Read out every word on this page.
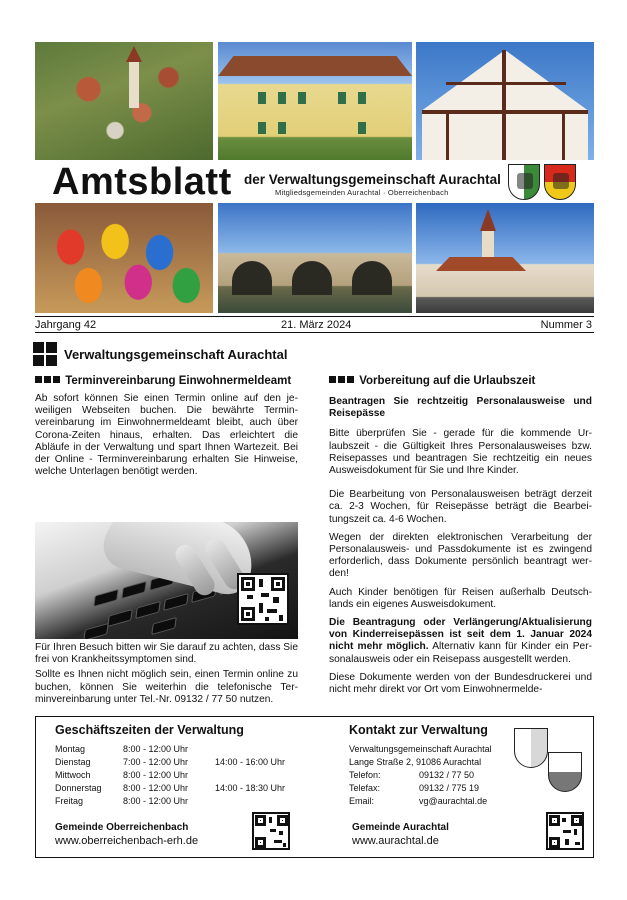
Amtsblatt der Verwaltungsgemeinschaft Aurachtal
Mitgliedsgemeinden Aurachtal · Oberreichenbach
Jahrgang 42	21. März 2024	Nummer 3
Verwaltungsgemeinschaft Aurachtal
Terminvereinbarung Einwohnermeldeamt

Ab sofort können Sie einen Termin online auf den jeweiligen Webseiten buchen. Die bewährte Terminvereinbarung im Einwohnermeldeamt bleibt, auch über Corona-Zeiten hinaus, erhalten. Das erleichtert die Abläufe in der Verwaltung und spart Ihnen Wartezeit. Bei der Online - Terminvereinbarung erhalten Sie Hinweise, welche Unterlagen benötigt werden.

Für Ihren Besuch bitten wir Sie darauf zu achten, dass Sie frei von Krankheitssymptomen sind.

Sollte es Ihnen nicht möglich sein, einen Termin online zu buchen, können Sie weiterhin die telefonische Terminvereinbarung unter Tel.-Nr. 09132 / 77 50 nutzen.

Vorbereitung auf die Urlaubszeit

Beantragen Sie rechtzeitig Personalausweise und Reisepässe

Bitte überprüfen Sie - gerade für die kommende Urlaubszeit - die Gültigkeit Ihres Personalausweises bzw. Reisepasses und beantragen Sie rechtzeitig ein neues Ausweisdokument für Sie und Ihre Kinder.

Die Bearbeitung von Personalausweisen beträgt derzeit ca. 2-3 Wochen, für Reisepässe beträgt die Bearbeitungszeit ca. 4-6 Wochen.

Wegen der direkten elektronischen Verarbeitung der Personalausweis- und Passdokumente ist es zwingend erforderlich, dass Dokumente persönlich beantragt werden!

Auch Kinder benötigen für Reisen außerhalb Deutschlands ein eigenes Ausweisdokument.

Die Beantragung oder Verlängerung/Aktualisierung von Kinderreisepässen ist seit dem 1. Januar 2024 nicht mehr möglich. Alternativ kann für Kinder ein Personalausweis oder ein Reisepass ausgestellt werden.

Diese Dokumente werden von der Bundesdruckerei und nicht mehr direkt vor Ort vom Einwohnermelde-

Geschäftszeiten der Verwaltung
Montag	8:00 - 12:00 Uhr
Dienstag	7:00 - 12:00 Uhr	14:00 - 16:00 Uhr
Mittwoch	8:00 - 12:00 Uhr
Donnerstag 8:00 - 12:00 Uhr	14:00 - 18:30 Uhr
Freitag	8:00 - 12:00 Uhr
Kontakt zur Verwaltung
Verwaltungsgemeinschaft Aurachtal
Lange Straße 2, 91086 Aurachtal
Telefon:	09132 / 77 50
Telefax:	09132 / 775 19
Email:	vg@aurachtal.de
Gemeinde Oberreichenbach
www.oberreichenbach-erh.de
Gemeinde Aurachtal
www.aurachtal.de
